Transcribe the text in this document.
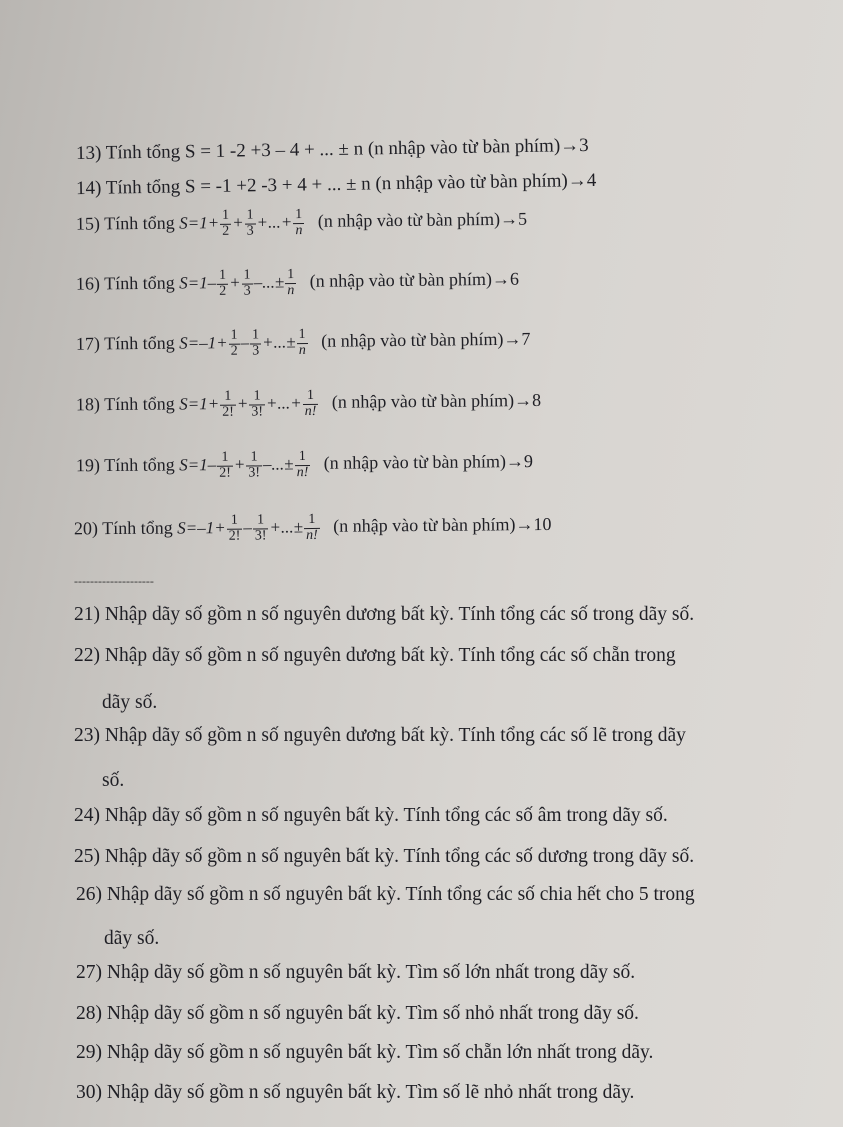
13) Tính tổng S = 1 -2 +3 – 4 + ... ± n (n nhập vào từ bàn phím)→3
14) Tính tổng S = -1 +2 -3 + 4 + ... ± n (n nhập vào từ bàn phím)→4
15) Tính tổng $S=1+ \frac{1}{2} + \frac{1}{3}$ +...+ $\frac{1}{n} (n$ nhập vào từ bàn phím)→5
16) Tính tổng $S=1- \frac{1}{2} + \frac{1}{3}$ –...± $\frac{1}{n} (n$ nhập vào từ bàn phím)→6
17) Tính tổng $S=-1+ \frac{1}{2} - \frac{1}{3}$ +...± $\frac{1}{n} (n$ nhập vào từ bàn phím)→7
18) Tính tổng $S=1+ \frac{1}{2!} + \frac{1}{3!}$ +...+ $\frac{1}{n!} (n$ nhập vào từ bàn phím)→8
19) Tính tổng $S=1- \frac{1}{2!} + \frac{1}{3!}$ –...± $\frac{1}{n!} (n$ nhập vào từ bàn phím)→9
20) Tính tổng $S=-1+ \frac{1}{2!} - \frac{1}{3!}$ +...± $\frac{1}{n!} (n$ nhập vào từ bàn phím)→10
--------------------
21) Nhập dãy số gồm n số nguyên dương bất kỳ. Tính tổng các số trong dãy số.
22) Nhập dãy số gồm n số nguyên dương bất kỳ. Tính tổng các số chẵn trong
dãy số.
23) Nhập dãy số gồm n số nguyên dương bất kỳ. Tính tổng các số lẽ trong dãy
số.
24) Nhập dãy số gồm n số nguyên bất kỳ. Tính tổng các số âm trong dãy số.
25) Nhập dãy số gồm n số nguyên bất kỳ. Tính tổng các số dương trong dãy số.
26) Nhập dãy số gồm n số nguyên bất kỳ. Tính tổng các số chia hết cho 5 trong
dãy số.
27) Nhập dãy số gồm n số nguyên bất kỳ. Tìm số lớn nhất trong dãy số.
28) Nhập dãy số gồm n số nguyên bất kỳ. Tìm số nhỏ nhất trong dãy số.
29) Nhập dãy số gồm n số nguyên bất kỳ. Tìm số chẵn lớn nhất trong dãy.
30) Nhập dãy số gồm n số nguyên bất kỳ. Tìm số lẽ nhỏ nhất trong dãy.
